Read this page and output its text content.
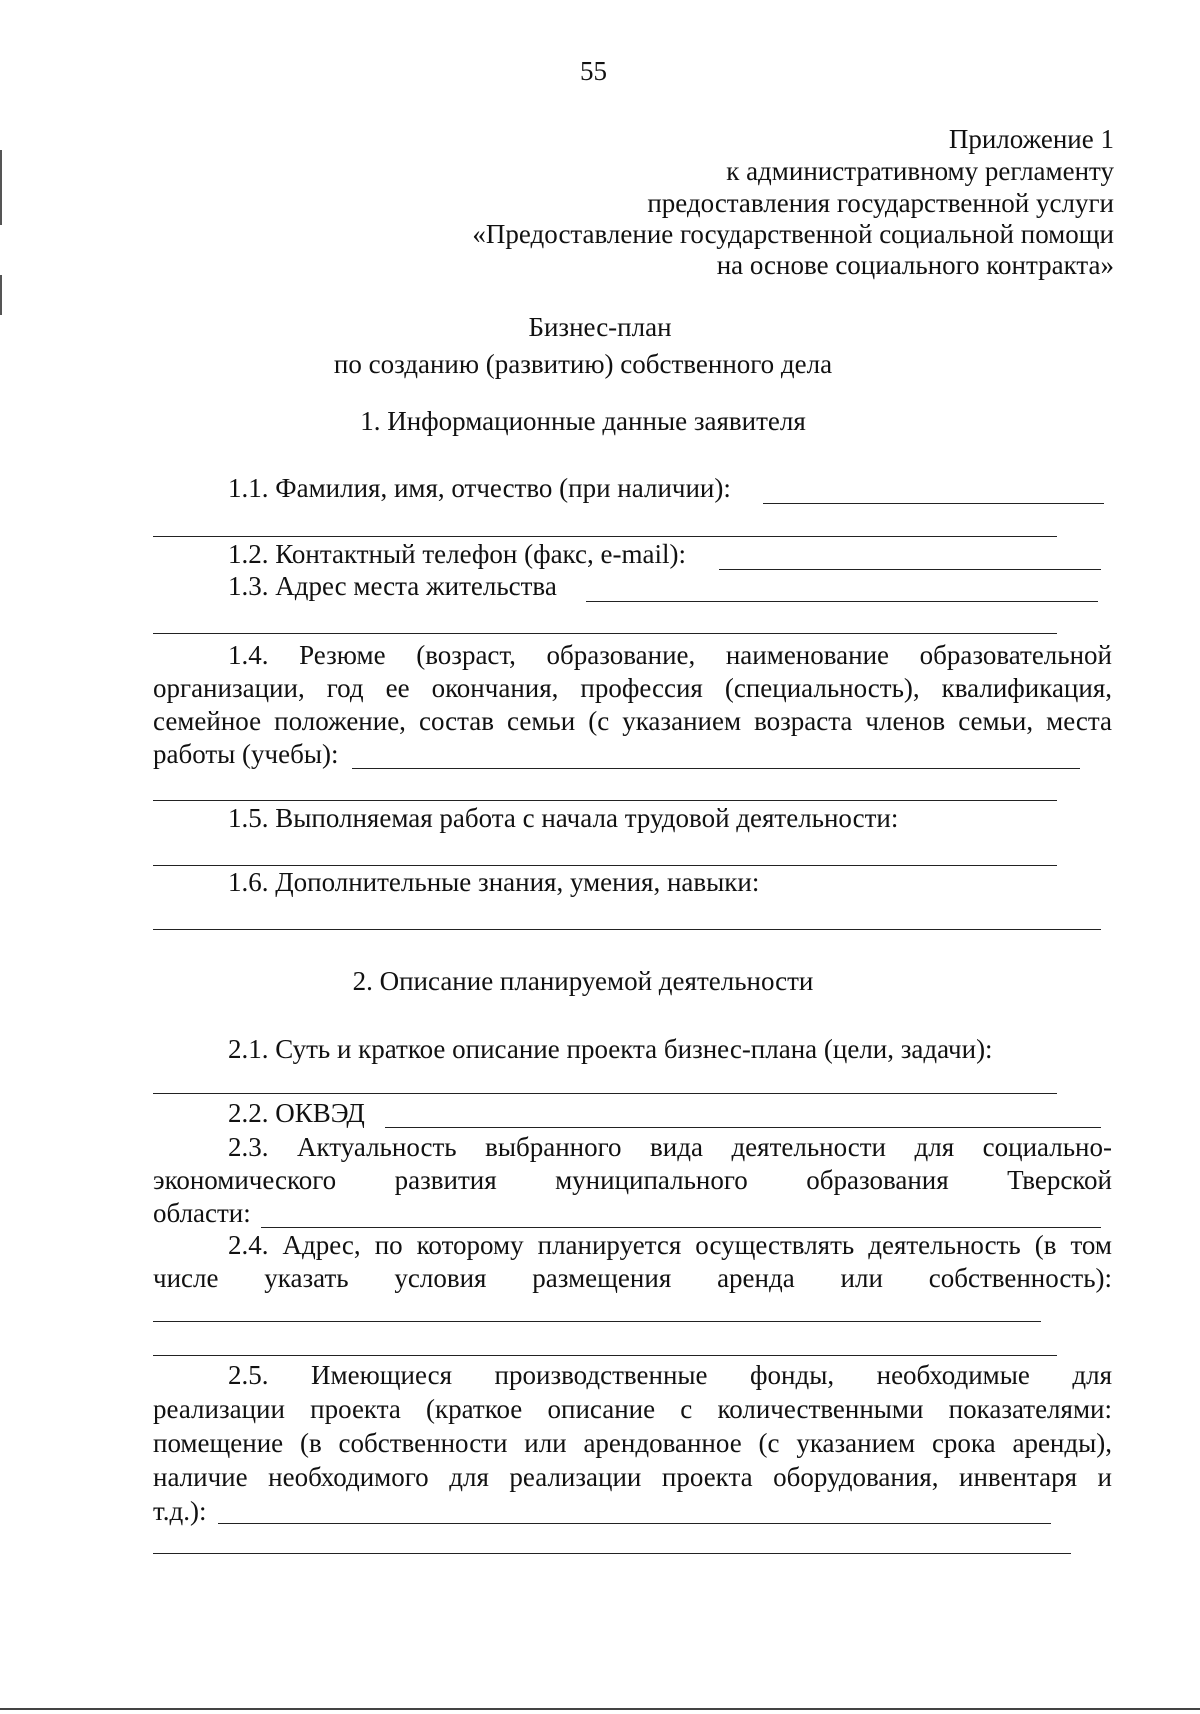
55
Приложение 1
к административному регламенту
предоставления государственной услуги
«Предоставление государственной социальной помощи
на основе социального контракта»
Бизнес-план
по созданию (развитию) собственного дела
1. Информационные данные заявителя
1.1. Фамилия, имя, отчество (при наличии):
1.2. Контактный телефон (факс, e-mail):
1.3. Адрес места жительства
1.4. Резюме (возраст, образование, наименование образовательной
организации, год ее окончания, профессия (специальность), квалификация,
семейное положение, состав семьи (с указанием возраста членов семьи, места
работы (учебы):
1.5. Выполняемая работа с начала трудовой деятельности:
1.6. Дополнительные знания, умения, навыки:
2. Описание планируемой деятельности
2.1. Суть и краткое описание проекта бизнес-плана (цели, задачи):
2.2. ОКВЭД
2.3. Актуальность выбранного вида деятельности для социально-
экономического развития муниципального образования Тверской
области:
2.4. Адрес, по которому планируется осуществлять деятельность (в том
числе указать условия размещения аренда или собственность):
2.5. Имеющиеся производственные фонды, необходимые для
реализации проекта (краткое описание с количественными показателями:
помещение (в собственности или арендованное (с указанием срока аренды),
наличие необходимого для реализации проекта оборудования, инвентаря и
т.д.):
